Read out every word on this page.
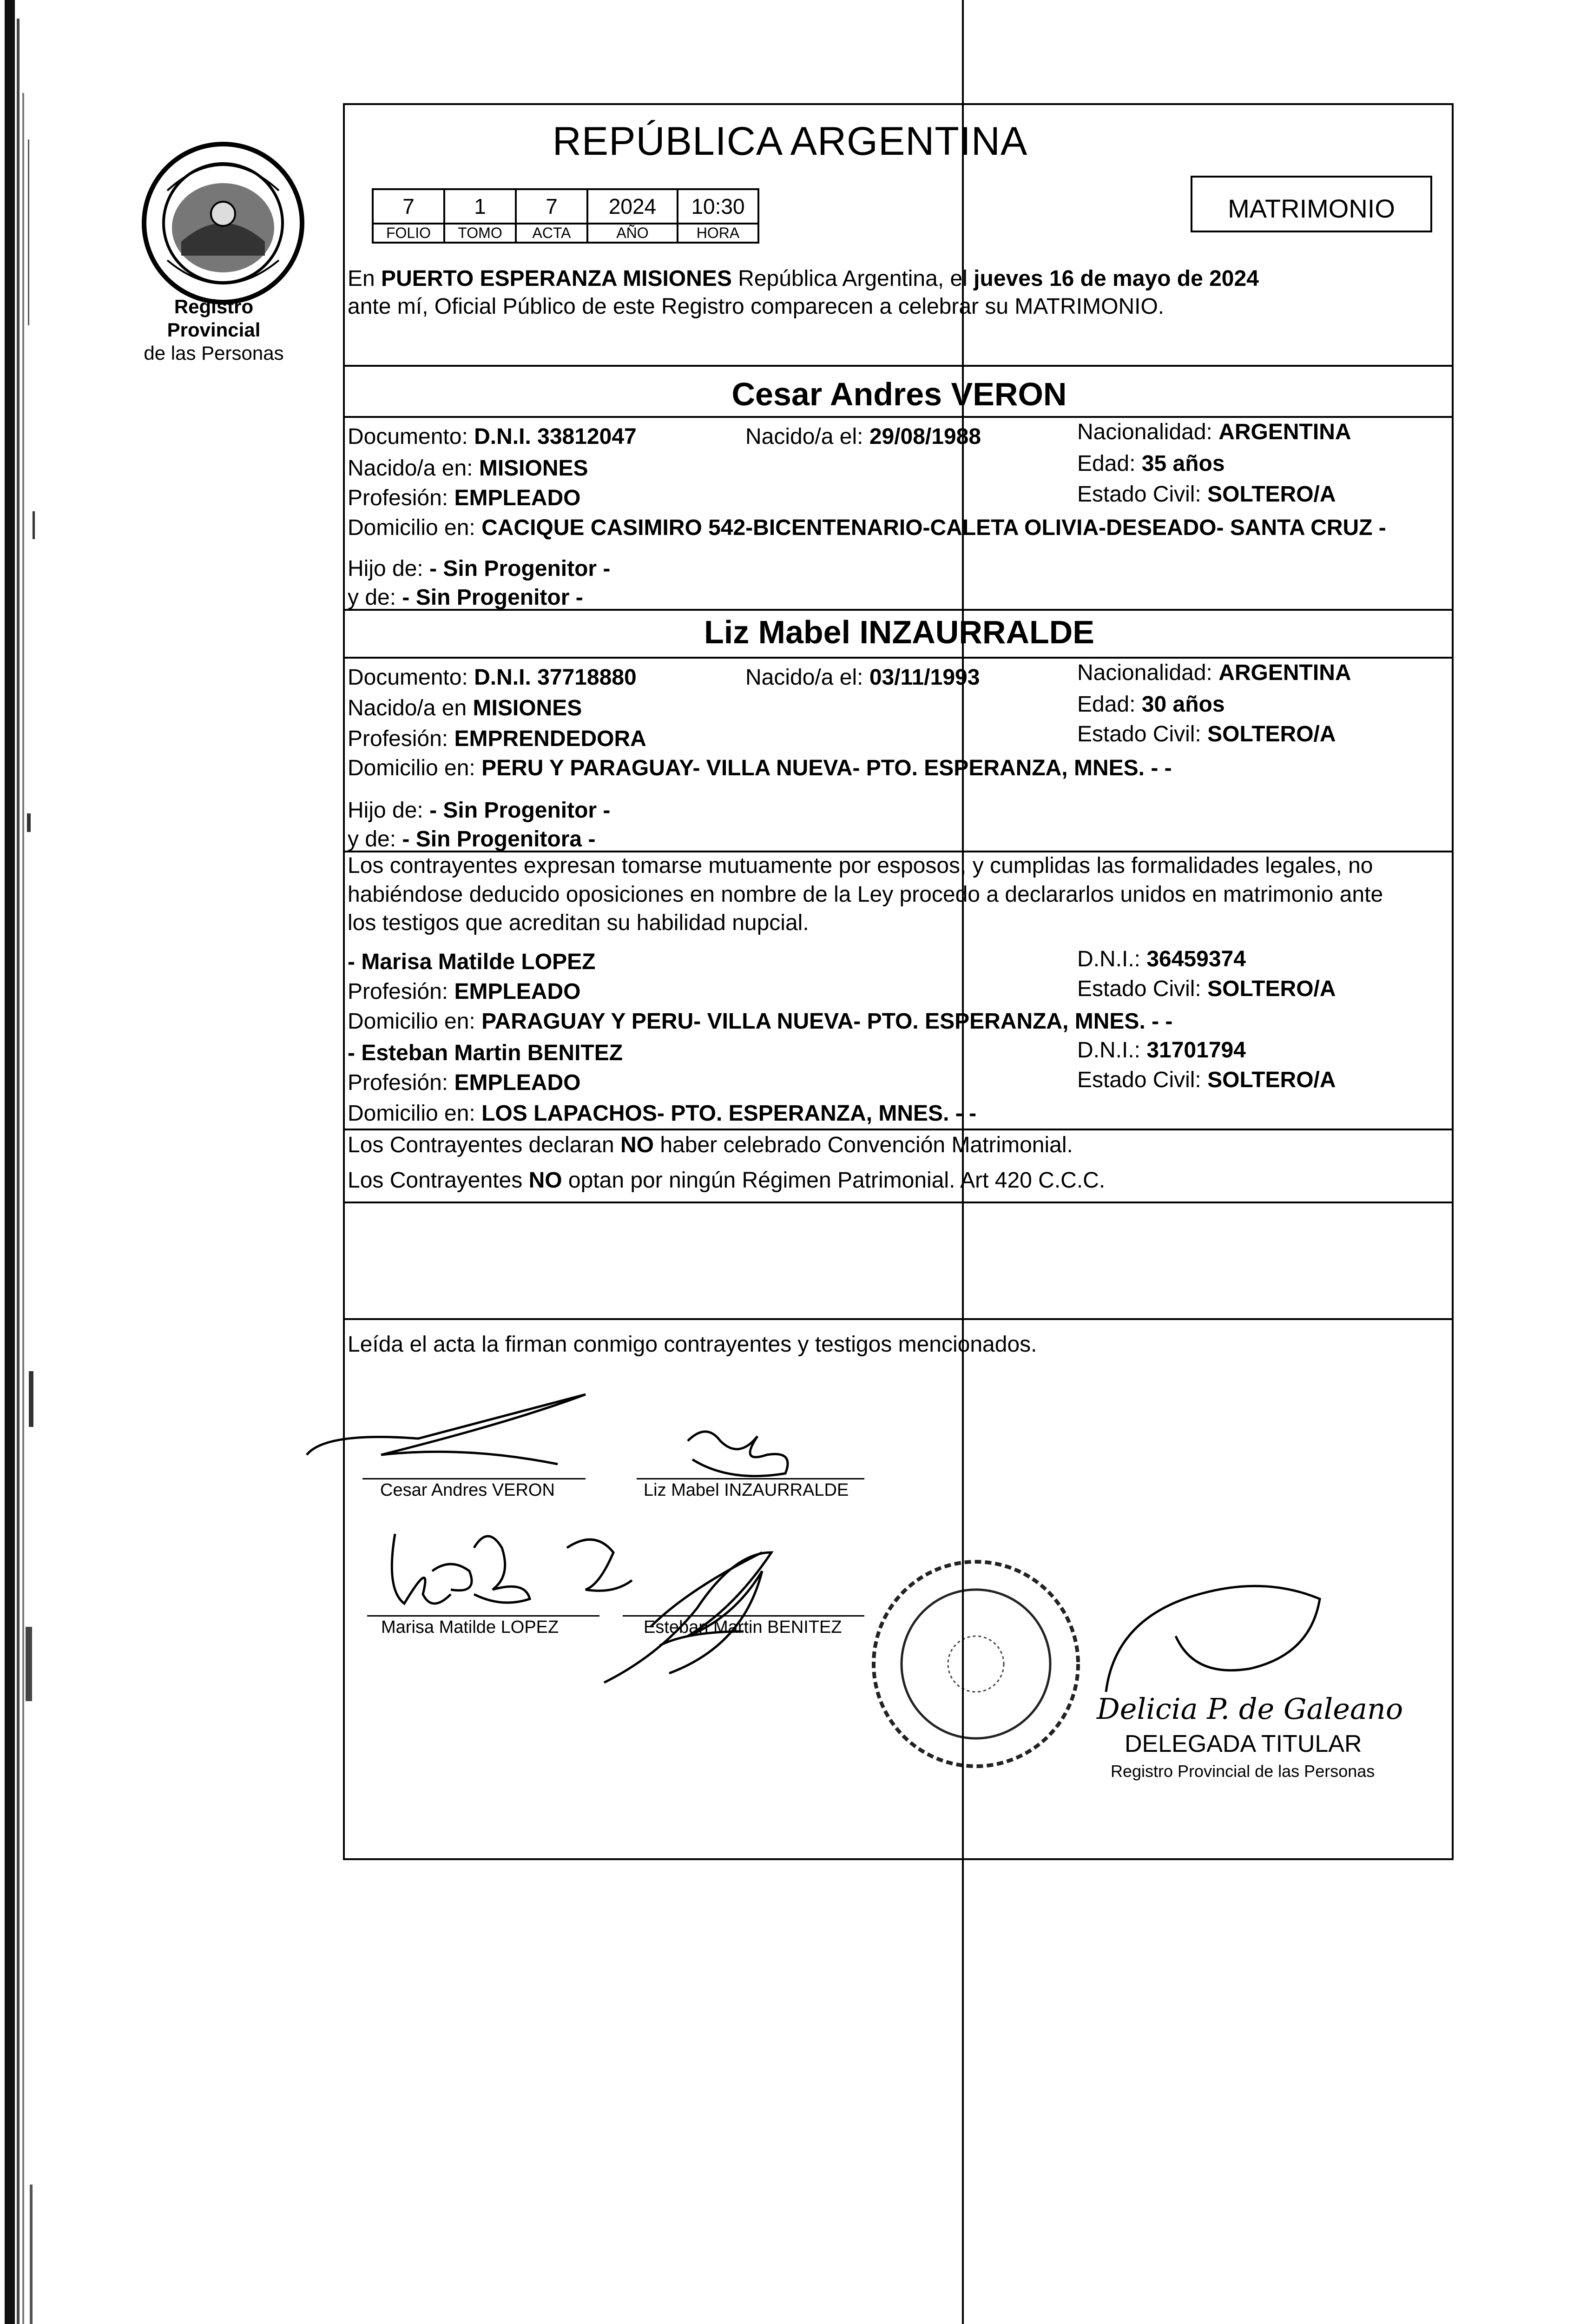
Registro Provincial
de las Personas
REPÚBLICA ARGENTINA
7	1	7	2024	10:30
FOLIO	TOMO	ACTA	AÑO	HORA
MATRIMONIO
En PUERTO ESPERANZA MISIONES República Argentina, el jueves 16 de mayo de 2024
ante mí, Oficial Público de este Registro comparecen a celebrar su MATRIMONIO.
Cesar Andres VERON
Documento: D.N.I. 33812047	Nacido/a el: 29/08/1988	Nacionalidad: ARGENTINA
Nacido/a en: MISIONES	Edad: 35 años
Profesión: EMPLEADO	Estado Civil: SOLTERO/A
Domicilio en: CACIQUE CASIMIRO 542-BICENTENARIO-CALETA OLIVIA-DESEADO- SANTA CRUZ -
Hijo de: - Sin Progenitor -
y de: - Sin Progenitor -
Liz Mabel INZAURRALDE
Documento: D.N.I. 37718880	Nacido/a el: 03/11/1993	Nacionalidad: ARGENTINA
Nacido/a en MISIONES	Edad: 30 años
Profesión: EMPRENDEDORA	Estado Civil: SOLTERO/A
Domicilio en: PERU Y PARAGUAY- VILLA NUEVA- PTO. ESPERANZA, MNES. - -
Hijo de: - Sin Progenitor -
y de: - Sin Progenitora -
Los contrayentes expresan tomarse mutuamente por esposos, y cumplidas las formalidades legales, no
habiéndose deducido oposiciones en nombre de la Ley procedo a declararlos unidos en matrimonio ante
los testigos que acreditan su habilidad nupcial.
- Marisa Matilde LOPEZ	D.N.I.: 36459374
Profesión: EMPLEADO	Estado Civil: SOLTERO/A
Domicilio en: PARAGUAY Y PERU- VILLA NUEVA- PTO. ESPERANZA, MNES. - -
- Esteban Martin BENITEZ	D.N.I.: 31701794
Profesión: EMPLEADO	Estado Civil: SOLTERO/A
Domicilio en: LOS LAPACHOS- PTO. ESPERANZA, MNES. - -
Los Contrayentes declaran NO haber celebrado Convención Matrimonial.
Los Contrayentes NO optan por ningún Régimen Patrimonial. Art 420 C.C.C.
Leída el acta la firman conmigo contrayentes y testigos mencionados.
Cesar Andres VERON	Liz Mabel INZAURRALDE
Marisa Matilde LOPEZ	Esteban Martin BENITEZ
Delicia P. de Galeano
DELEGADA TITULAR
Registro Provincial de las Personas
